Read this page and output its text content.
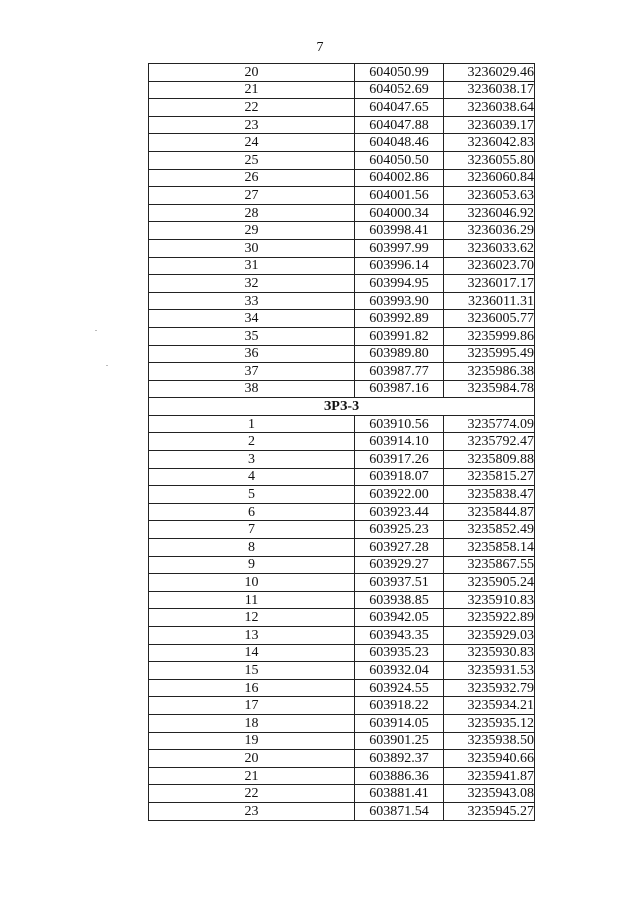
7
20	604050.99	3236029.46
21	604052.69	3236038.17
22	604047.65	3236038.64
23	604047.88	3236039.17
24	604048.46	3236042.83
25	604050.50	3236055.80
26	604002.86	3236060.84
27	604001.56	3236053.63
28	604000.34	3236046.92
29	603998.41	3236036.29
30	603997.99	3236033.62
31	603996.14	3236023.70
32	603994.95	3236017.17
33	603993.90	3236011.31
34	603992.89	3236005.77
35	603991.82	3235999.86
36	603989.80	3235995.49
37	603987.77	3235986.38
38	603987.16	3235984.78
ЗРЗ-3		
1	603910.56	3235774.09
2	603914.10	3235792.47
3	603917.26	3235809.88
4	603918.07	3235815.27
5	603922.00	3235838.47
6	603923.44	3235844.87
7	603925.23	3235852.49
8	603927.28	3235858.14
9	603929.27	3235867.55
10	603937.51	3235905.24
11	603938.85	3235910.83
12	603942.05	3235922.89
13	603943.35	3235929.03
14	603935.23	3235930.83
15	603932.04	3235931.53
16	603924.55	3235932.79
17	603918.22	3235934.21
18	603914.05	3235935.12
19	603901.25	3235938.50
20	603892.37	3235940.66
21	603886.36	3235941.87
22	603881.41	3235943.08
23	603871.54	3235945.27
